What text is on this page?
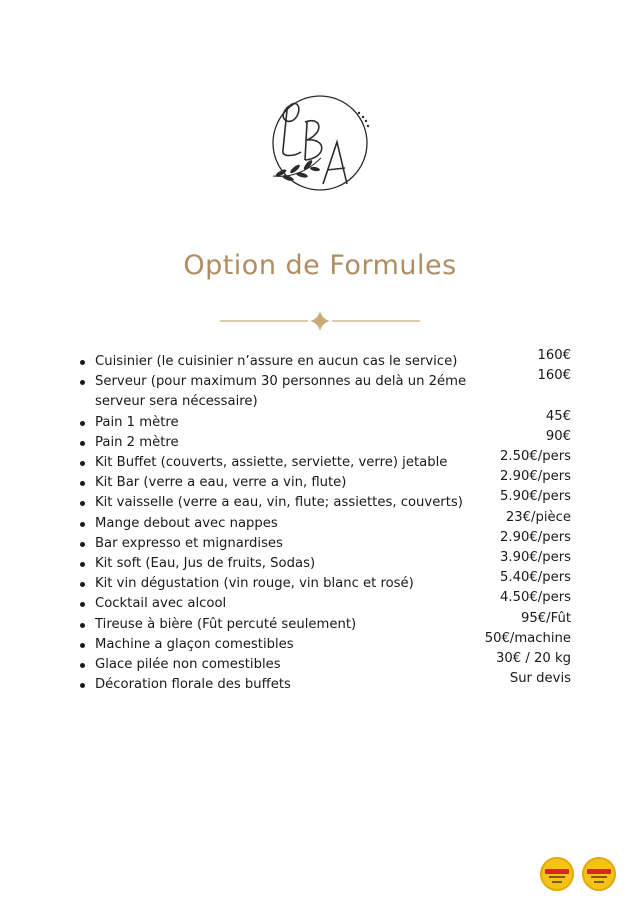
Option de Formules
Cuisinier (le cuisinier n’assure en aucun cas le service)
Serveur (pour maximum 30 personnes au delà un 2éme serveur sera nécessaire)
Pain 1 mètre
Pain 2 mètre
Kit Buffet (couverts, assiette, serviette, verre) jetable
Kit Bar (verre a eau, verre a vin, flute)
Kit vaisselle (verre a eau, vin, flute; assiettes, couverts)
Mange debout avec nappes
Bar expresso et mignardises
Kit soft (Eau, Jus de fruits, Sodas)
Kit vin dégustation (vin rouge, vin blanc et rosé)
Cocktail avec alcool
Tireuse à bière (Fût percuté seulement)
Machine a glaçon comestibles
Glace pilée non comestibles
Décoration florale des buffets
160€
160€
45€
90€
2.50€/pers
2.90€/pers
5.90€/pers
23€/pièce
2.90€/pers
3.90€/pers
5.40€/pers
4.50€/pers
95€/Fût
50€/machine
30€ / 20 kg
Sur devis
